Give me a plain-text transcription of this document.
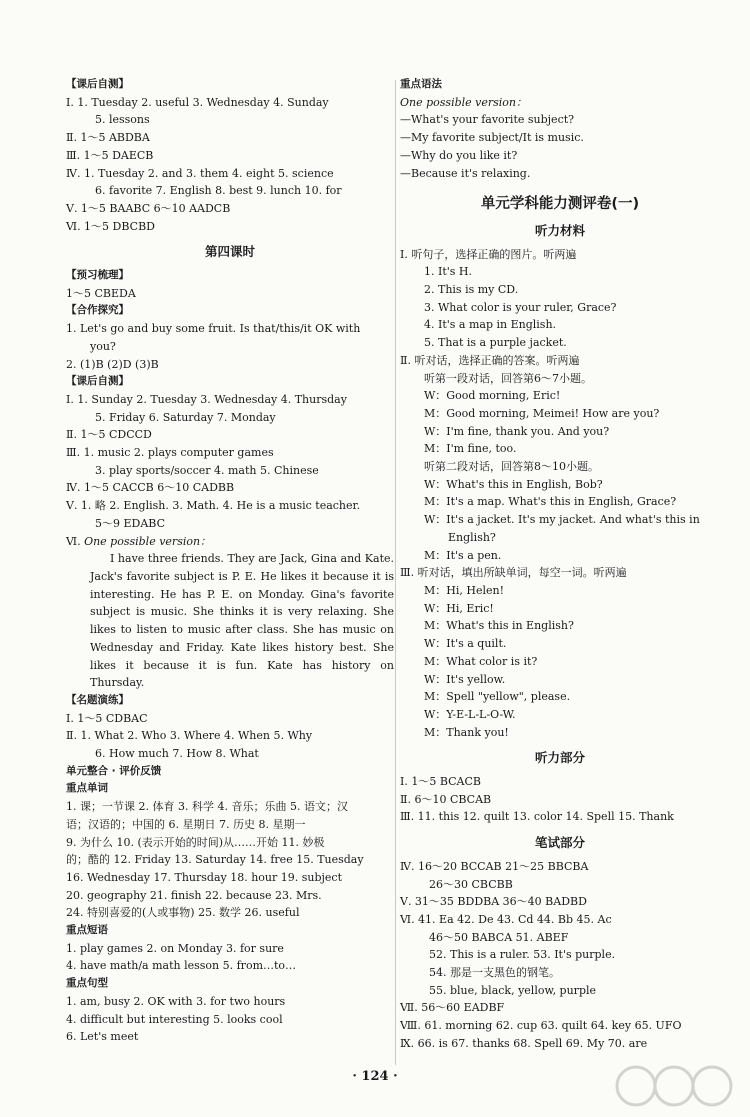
【课后自测】
Ⅰ. 1. Tuesday 2. useful 3. Wednesday 4. Sunday
5. lessons
Ⅱ. 1～5 ABDBA
Ⅲ. 1～5 DAECB
Ⅳ. 1. Tuesday 2. and 3. them 4. eight 5. science
6. favorite 7. English 8. best 9. lunch 10. for
Ⅴ. 1～5 BAABC 6～10 AADCB
Ⅵ. 1～5 DBCBD
第四课时
【预习梳理】
1～5 CBEDA
【合作探究】
1. Let's go and buy some fruit. Is that/this/it OK with
you?
2. (1)B (2)D (3)B
【课后自测】
Ⅰ. 1. Sunday 2. Tuesday 3. Wednesday 4. Thursday
5. Friday 6. Saturday 7. Monday
Ⅱ. 1～5 CDCCD
Ⅲ. 1. music 2. plays computer games
3. play sports/soccer 4. math 5. Chinese
Ⅳ. 1～5 CACCB 6～10 CADBB
Ⅴ. 1. 略 2. English. 3. Math. 4. He is a music teacher.
5～9 EDABC
Ⅵ. One possible version：

I have three friends. They are Jack, Gina and Kate. Jack's favorite subject is P. E. He likes it because it is interesting. He has P. E. on Monday. Gina's favorite subject is music. She thinks it is very relaxing. She likes to listen to music after class. She has music on Wednesday and Friday. Kate likes history best. She likes it because it is fun. Kate has history on Thursday.

【名题演练】
Ⅰ. 1～5 CDBAC
Ⅱ. 1. What 2. Who 3. Where 4. When 5. Why
6. How much 7. How 8. What
单元整合 · 评价反馈
重点单词
1. 课；一节课 2. 体育 3. 科学 4. 音乐；乐曲 5. 语文；汉
语；汉语的；中国的 6. 星期日 7. 历史 8. 星期一
9. 为什么 10. (表示开始的时间)从……开始 11. 妙极
的；酷的 12. Friday 13. Saturday 14. free 15. Tuesday
16. Wednesday 17. Thursday 18. hour 19. subject
20. geography 21. finish 22. because 23. Mrs.
24. 特别喜爱的(人或事物) 25. 数学 26. useful
重点短语
1. play games 2. on Monday 3. for sure
4. have math/a math lesson 5. from…to…
重点句型
1. am, busy 2. OK with 3. for two hours
4. difficult but interesting 5. looks cool
6. Let's meet
重点语法
One possible version：
—What's your favorite subject?
—My favorite subject/It is music.
—Why do you like it?
—Because it's relaxing.
单元学科能力测评卷(一)
听力材料
Ⅰ. 听句子，选择正确的图片。听两遍
1. It's H.
2. This is my CD.
3. What color is your ruler, Grace?
4. It's a map in English.
5. That is a purple jacket.
Ⅱ. 听对话，选择正确的答案。听两遍
听第一段对话，回答第6～7小题。
W：Good morning, Eric!
M：Good morning, Meimei! How are you?
W：I'm fine, thank you. And you?
M：I'm fine, too.
听第二段对话，回答第8～10小题。
W：What's this in English, Bob?
M：It's a map. What's this in English, Grace?
W：It's a jacket. It's my jacket. And what's this in
English?
M：It's a pen.
Ⅲ. 听对话，填出所缺单词，每空一词。听两遍
M：Hi, Helen!
W：Hi, Eric!
M：What's this in English?
W：It's a quilt.
M：What color is it?
W：It's yellow.
M：Spell "yellow", please.
W：Y-E-L-L-O-W.
M：Thank you!
听力部分
Ⅰ. 1～5 BCACB
Ⅱ. 6～10 CBCAB
Ⅲ. 11. this 12. quilt 13. color 14. Spell 15. Thank
笔试部分
Ⅳ. 16～20 BCCAB 21～25 BBCBA
26～30 CBCBB
Ⅴ. 31～35 BDDBA 36～40 BADBD
Ⅵ. 41. Ea 42. De 43. Cd 44. Bb 45. Ac
46～50 BABCA 51. ABEF
52. This is a ruler. 53. It's purple.
54. 那是一支黑色的钢笔。
55. blue, black, yellow, purple
Ⅶ. 56～60 EADBF
Ⅷ. 61. morning 62. cup 63. quilt 64. key 65. UFO
Ⅸ. 66. is 67. thanks 68. Spell 69. My 70. are
· 124 ·
